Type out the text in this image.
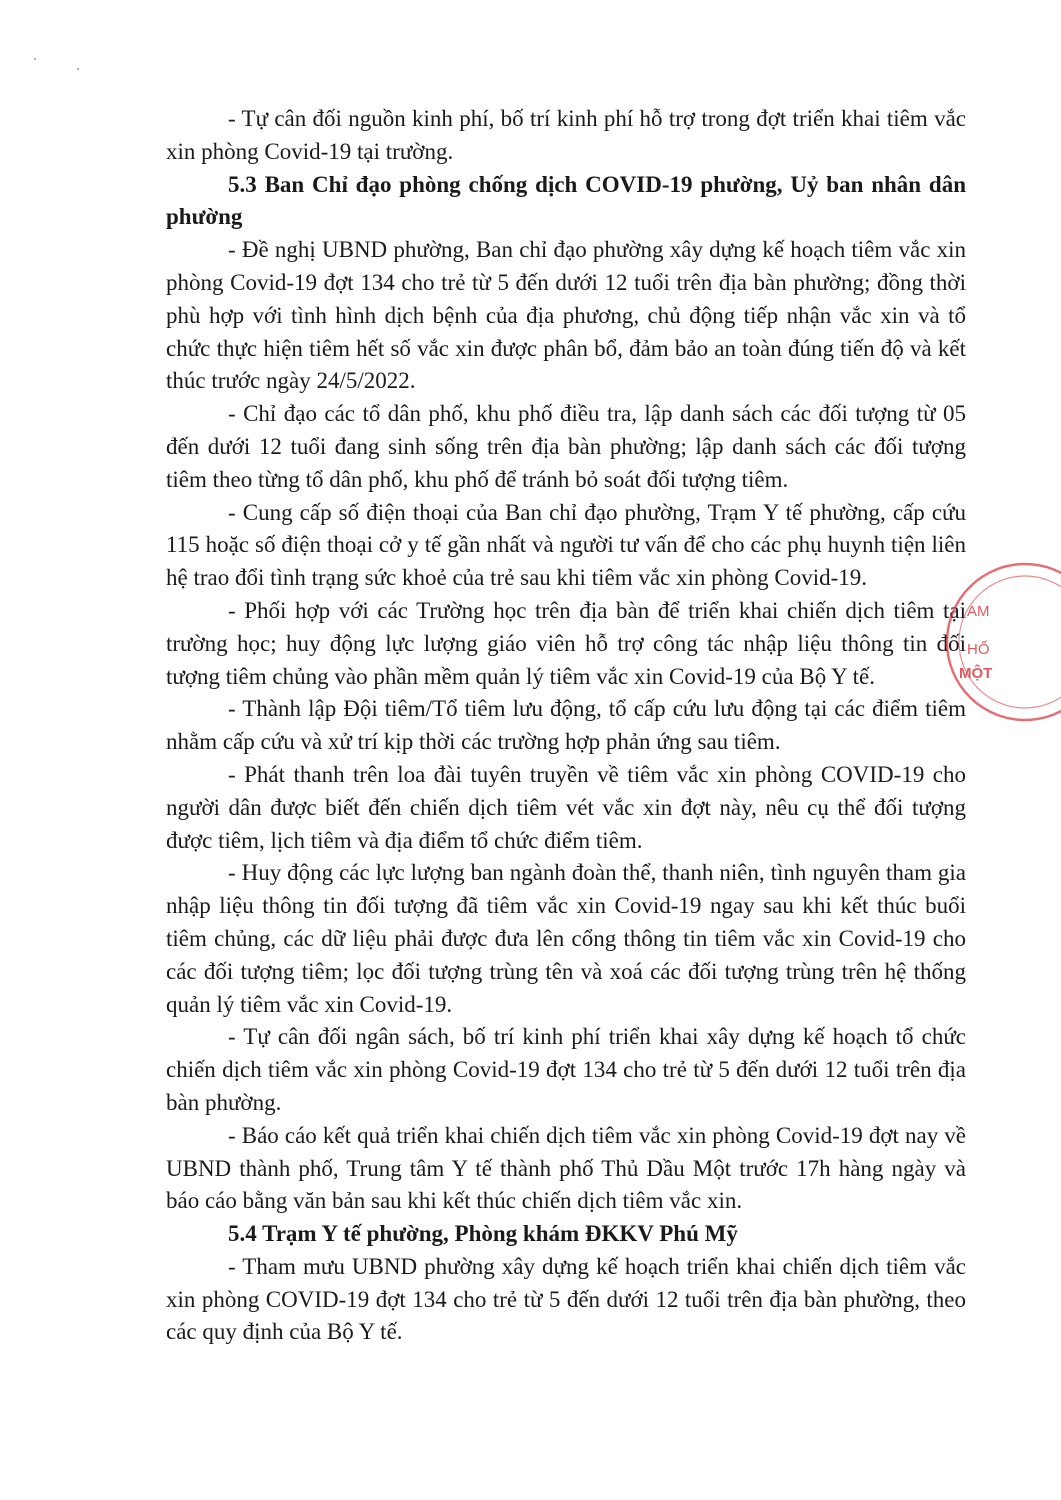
- Tự cân đối nguồn kinh phí, bố trí kinh phí hỗ trợ trong đợt triển khai tiêm vắc xin phòng Covid-19 tại trường.

5.3 Ban Chỉ đạo phòng chống dịch COVID-19 phường, Uỷ ban nhân dân phường

- Đề nghị UBND phường, Ban chỉ đạo phường xây dựng kế hoạch tiêm vắc xin phòng Covid-19 đợt 134 cho trẻ từ 5 đến dưới 12 tuổi trên địa bàn phường; đồng thời phù hợp với tình hình dịch bệnh của địa phương, chủ động tiếp nhận vắc xin và tổ chức thực hiện tiêm hết số vắc xin được phân bổ, đảm bảo an toàn đúng tiến độ và kết thúc trước ngày 24/5/2022.

- Chỉ đạo các tổ dân phố, khu phố điều tra, lập danh sách các đối tượng từ 05 đến dưới 12 tuổi đang sinh sống trên địa bàn phường; lập danh sách các đối tượng tiêm theo từng tổ dân phố, khu phố để tránh bỏ soát đối tượng tiêm.

- Cung cấp số điện thoại của Ban chỉ đạo phường, Trạm Y tế phường, cấp cứu 115 hoặc số điện thoại cở y tế gần nhất và người tư vấn để cho các phụ huynh tiện liên hệ trao đổi tình trạng sức khoẻ của trẻ sau khi tiêm vắc xin phòng Covid-19.

- Phối hợp với các Trường học trên địa bàn để triển khai chiến dịch tiêm tại trường học; huy động lực lượng giáo viên hỗ trợ công tác nhập liệu thông tin đối tượng tiêm chủng vào phần mềm quản lý tiêm vắc xin Covid-19 của Bộ Y tế.

- Thành lập Đội tiêm/Tổ tiêm lưu động, tổ cấp cứu lưu động tại các điểm tiêm nhằm cấp cứu và xử trí kịp thời các trường hợp phản ứng sau tiêm.

- Phát thanh trên loa đài tuyên truyền về tiêm vắc xin phòng COVID-19 cho người dân được biết đến chiến dịch tiêm vét vắc xin đợt này, nêu cụ thể đối tượng được tiêm, lịch tiêm và địa điểm tổ chức điểm tiêm.

- Huy động các lực lượng ban ngành đoàn thể, thanh niên, tình nguyên tham gia nhập liệu thông tin đối tượng đã tiêm vắc xin Covid-19 ngay sau khi kết thúc buổi tiêm chủng, các dữ liệu phải được đưa lên cổng thông tin tiêm vắc xin Covid-19 cho các đối tượng tiêm; lọc đối tượng trùng tên và xoá các đối tượng trùng trên hệ thống quản lý tiêm vắc xin Covid-19.

- Tự cân đối ngân sách, bố trí kinh phí triển khai xây dựng kế hoạch tổ chức chiến dịch tiêm vắc xin phòng Covid-19 đợt 134 cho trẻ từ 5 đến dưới 12 tuổi trên địa bàn phường.

- Báo cáo kết quả triển khai chiến dịch tiêm vắc xin phòng Covid-19 đợt nay về UBND thành phố, Trung tâm Y tế thành phố Thủ Dầu Một trước 17h hàng ngày và báo cáo bằng văn bản sau khi kết thúc chiến dịch tiêm vắc xin.

5.4 Trạm Y tế phường, Phòng khám ĐKKV Phú Mỹ

- Tham mưu UBND phường xây dựng kế hoạch triển khai chiến dịch tiêm vắc xin phòng COVID-19 đợt 134 cho trẻ từ 5 đến dưới 12 tuổi trên địa bàn phường, theo các quy định của Bộ Y tế.

AM
HỐ
MỘT
